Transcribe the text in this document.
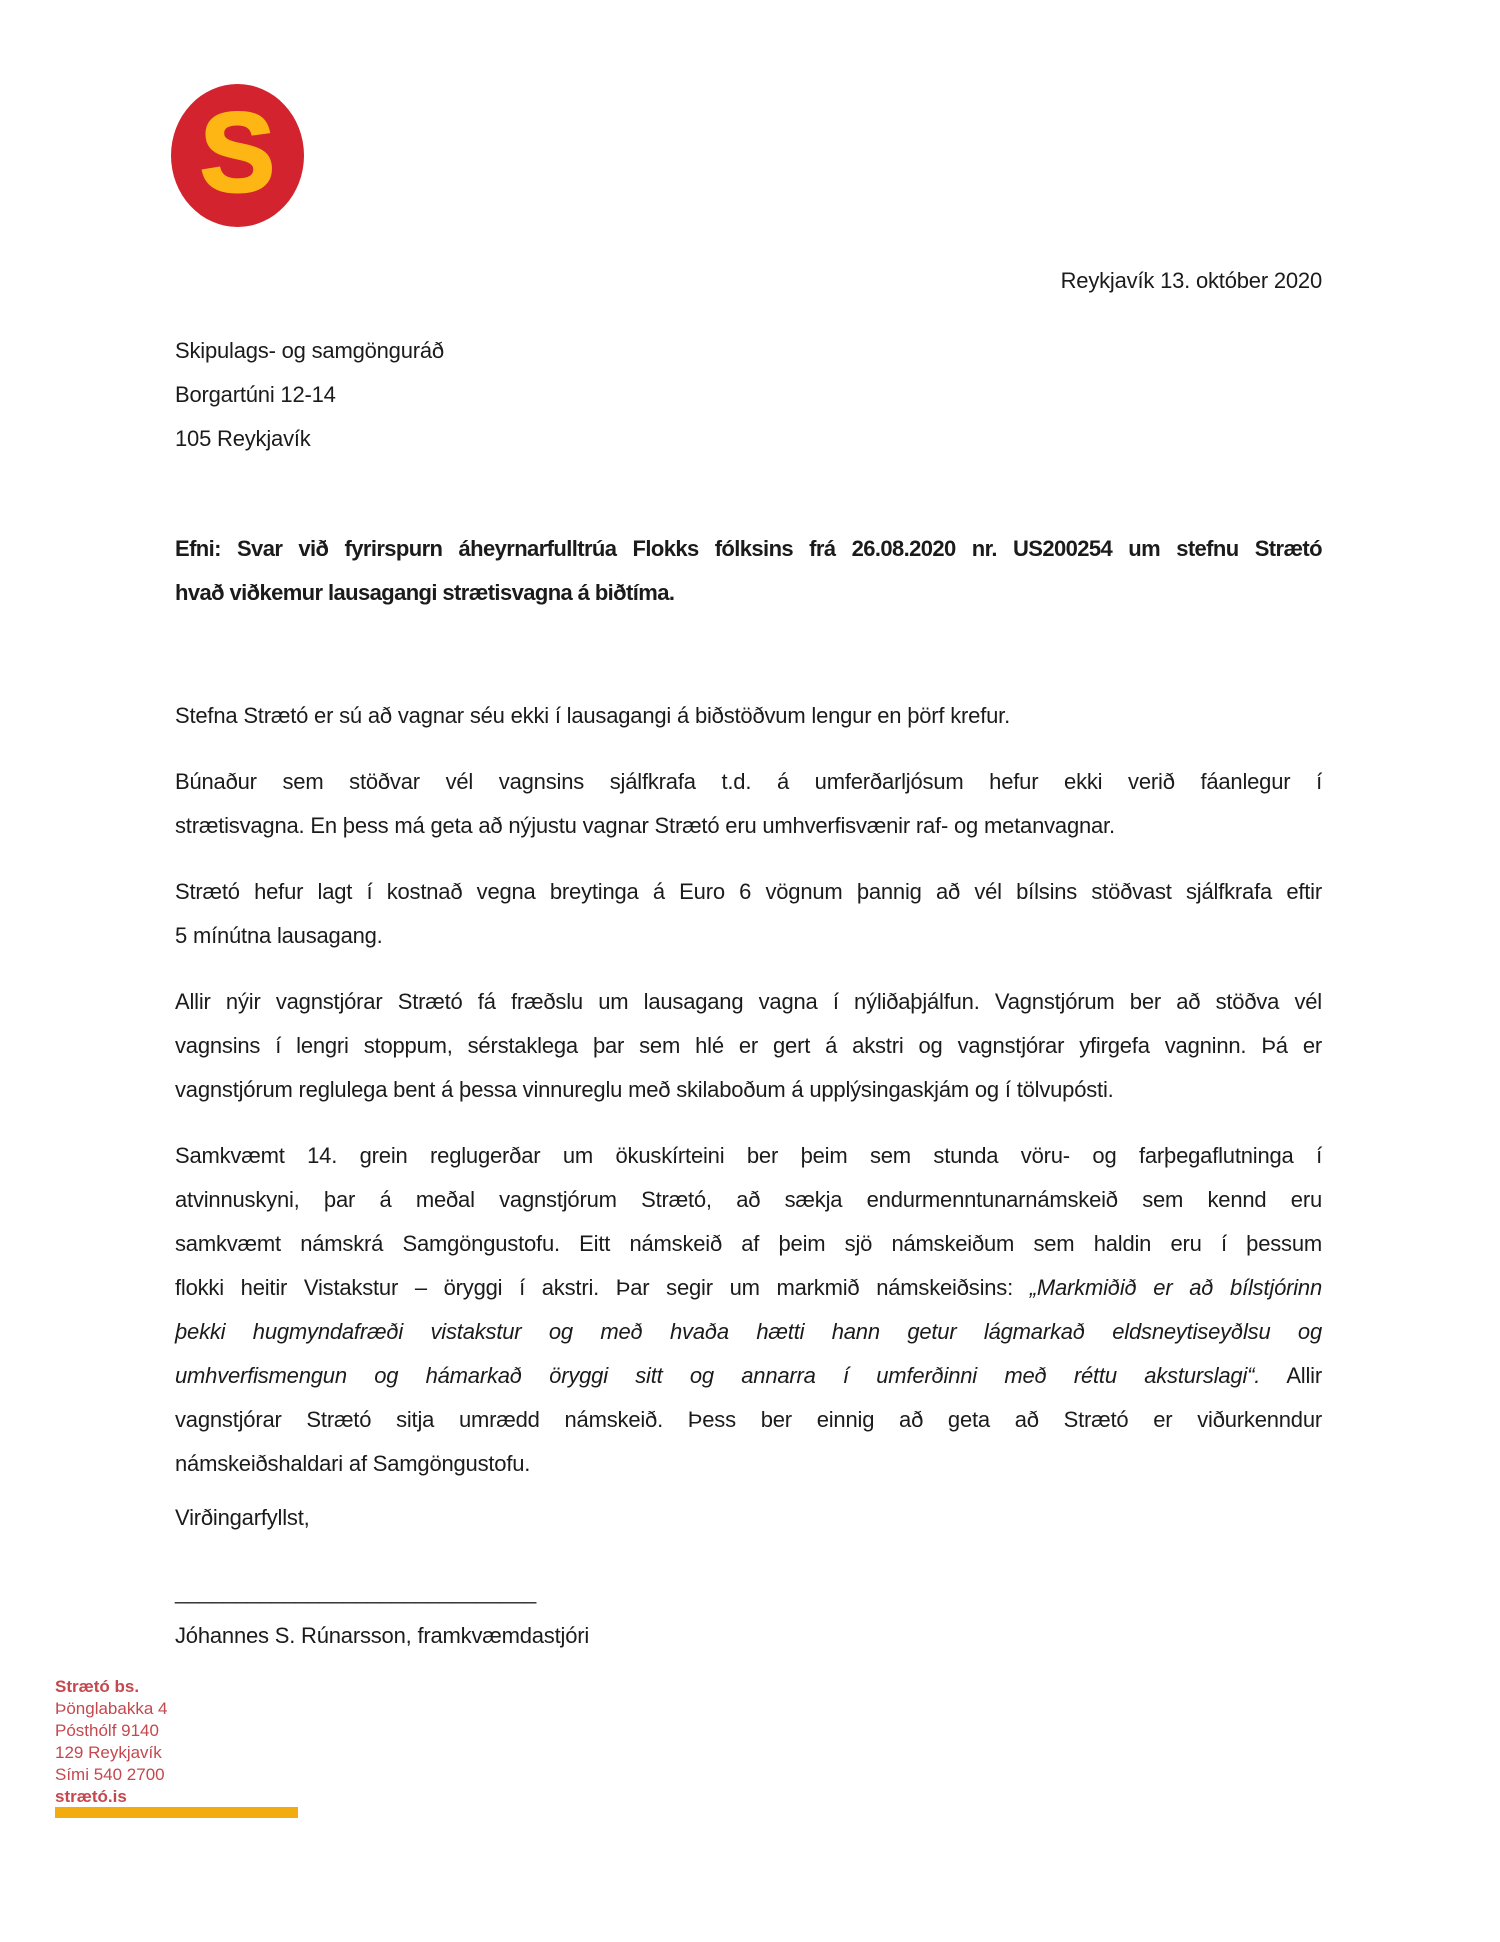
S
Reykjavík 13. október 2020
Skipulags- og samgönguráð
Borgartúni 12-14
105 Reykjavík
Efni: Svar við fyrirspurn áheyrnarfulltrúa Flokks fólksins frá 26.08.2020 nr. US200254 um stefnu Strætó
hvað viðkemur lausagangi strætisvagna á biðtíma.
Stefna Strætó er sú að vagnar séu ekki í lausagangi á biðstöðvum lengur en þörf krefur.
Búnaður sem stöðvar vél vagnsins sjálfkrafa t.d. á umferðarljósum hefur ekki verið fáanlegur í
strætisvagna. En þess má geta að nýjustu vagnar Strætó eru umhverfisvænir raf- og metanvagnar.
Strætó hefur lagt í kostnað vegna breytinga á Euro 6 vögnum þannig að vél bílsins stöðvast sjálfkrafa eftir
5 mínútna lausagang.
Allir nýir vagnstjórar Strætó fá fræðslu um lausagang vagna í nýliðaþjálfun. Vagnstjórum ber að stöðva vél
vagnsins í lengri stoppum, sérstaklega þar sem hlé er gert á akstri og vagnstjórar yfirgefa vagninn. Þá er
vagnstjórum reglulega bent á þessa vinnureglu með skilaboðum á upplýsingaskjám og í tölvupósti.
Samkvæmt 14. grein reglugerðar um ökuskírteini ber þeim sem stunda vöru- og farþegaflutninga í
atvinnuskyni, þar á meðal vagnstjórum Strætó, að sækja endurmenntunarnámskeið sem kennd eru
samkvæmt námskrá Samgöngustofu. Eitt námskeið af þeim sjö námskeiðum sem haldin eru í þessum
flokki heitir Vistakstur – öryggi í akstri. Þar segir um markmið námskeiðsins: „Markmiðið er að bílstjórinn
þekki hugmyndafræði vistakstur og með hvaða hætti hann getur lágmarkað eldsneytiseyðlsu og
umhverfismengun og hámarkað öryggi sitt og annarra í umferðinni með réttu aksturslagi“. Allir
vagnstjórar Strætó sitja umrædd námskeið. Þess ber einnig að geta að Strætó er viðurkenndur
námskeiðshaldari af Samgöngustofu.
Virðingarfyllst,
______________________________
Jóhannes S. Rúnarsson, framkvæmdastjóri
Strætó bs.
Þönglabakka 4
Pósthólf 9140
129 Reykjavík
Sími 540 2700
strætó.is
